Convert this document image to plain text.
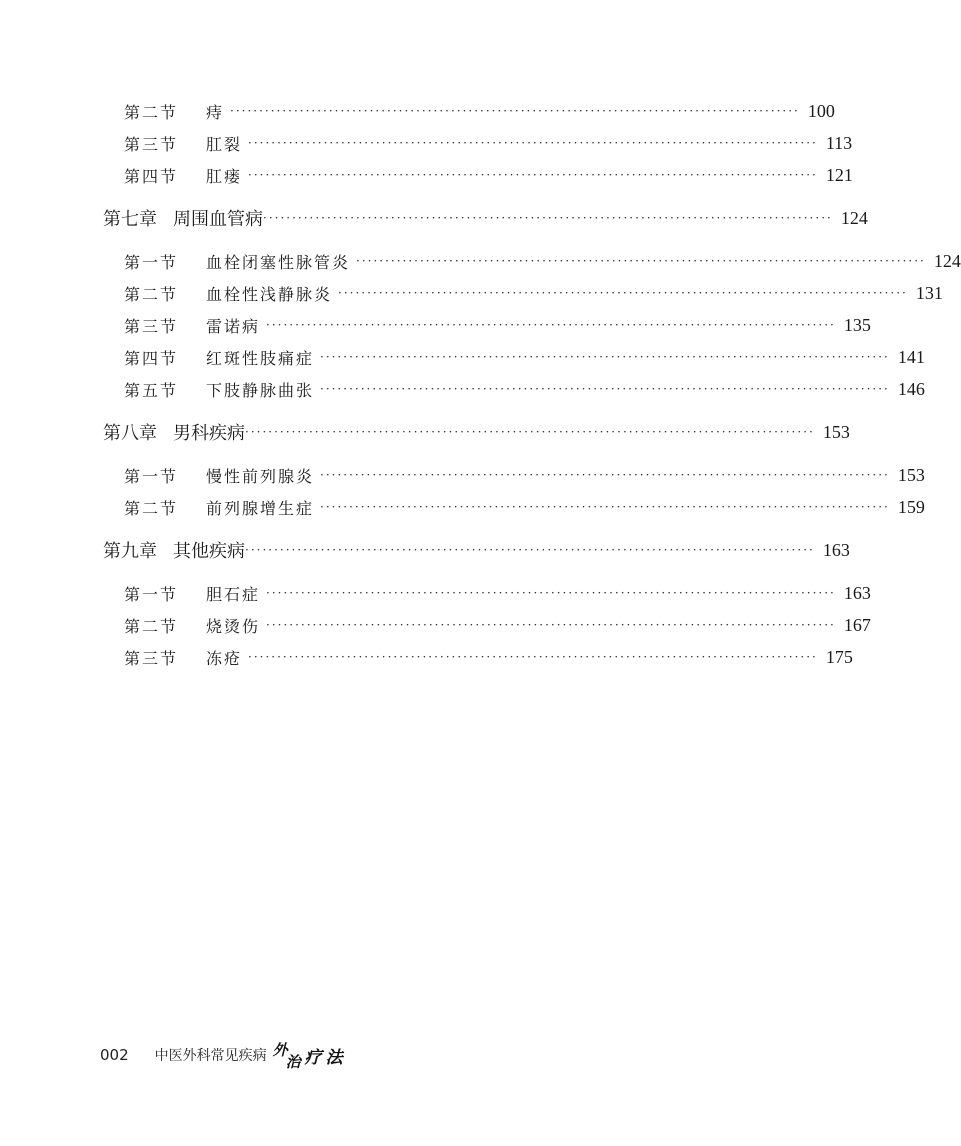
第二节	痔 ·································································································· 100
第三节	肛裂 ·································································································· 113
第四节	肛瘘 ·································································································· 121
第七章 周围血管病 ·································································································· 124
第一节	血栓闭塞性脉管炎 ·································································································· 124
第二节	血栓性浅静脉炎 ·································································································· 131
第三节	雷诺病 ·································································································· 135
第四节	红斑性肢痛症 ·································································································· 141
第五节	下肢静脉曲张 ·································································································· 146
第八章 男科疾病 ·································································································· 153
第一节	慢性前列腺炎 ·································································································· 153
第二节	前列腺增生症 ·································································································· 159
第九章 其他疾病 ·································································································· 163
第一节	胆石症 ·································································································· 163
第二节	烧烫伤 ·································································································· 167
第三节	冻疮 ·································································································· 175
002 中医外科常见疾病 外
治 疗 法
